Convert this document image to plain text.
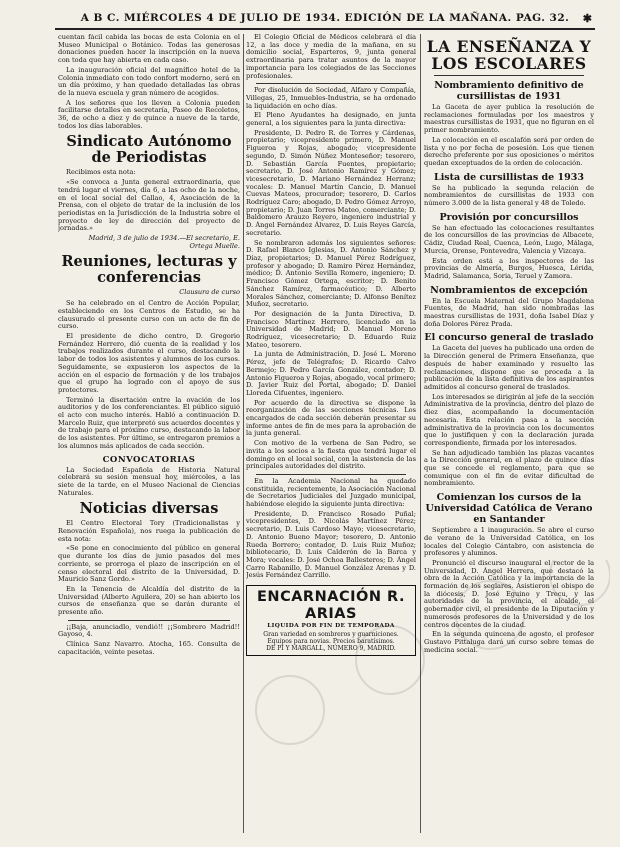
A B C. MIÉRCOLES 4 DE JULIO DE 1934. EDICIÓN DE LA MAÑANA. PAG. 32.	✱

cuentan fácil cabida las bocas de esta Colonia en el Museo Municipal o Botánico. Todas las generosas donaciones pueden hacer la inscripción en la nueva con toda que hay abierta en cada caso.

La inauguración oficial del magnífico hotel de la Colonia inmediato con todo confort moderno, será en un día próximo, y han quedado detalladas las obras de la nueva escuela y gran número de acogidos.

A los señores que los lleven a Colonia pueden facilitarse detalles en secretaría, Paseo de Recoletos, 36, de ocho a diez y de quince a nueve de la tarde, todos los días laborables.

Sindicato Autónomo de Periodistas

Recibimos esta nota:

«Se convoca a Junta general extraordinaria, que tendrá lugar el viernes, día 6, a las ocho de la noche, en el local social del Callao, 4, Asociación de la Prensa, con el objeto de tratar de la inclusión de los periodistas en la Jurisdicción de la Industria sobre el proyecto de ley de dirección del proyecto de jornadas.»

Madrid, 3 de julio de 1934.—El secretario, E. Ortega Muelle.

Reuniones, lecturas y conferencias
Clausura de curso

Se ha celebrado en el Centro de Acción Popular, estableciendo en los Centros de Estudio, se ha clausurado el presente curso con un acto de fin de curso.

El presidente de dicho centro, D. Gregorio Fernández Herrero, dió cuenta de la realidad y los trabajos realizados durante el curso, destacando la labor de todos los asistentes y alumnos de los cursos. Seguidamente, se expusieron los aspectos de la acción en el espacio de formación y de los trabajos que el grupo ha logrado con el apoyo de sus protectores.

Terminó la disertación entre la ovación de los auditorios y de los conferenciantes. El público siguió el acto con mucho interés. Habló a continuación D. Marcelo Ruiz, que interpretó sus acuerdos docentes y de trabajo para el próximo curso, destacando la labor de los asistentes. Por último, se entregaron premios a los alumnos más aplicados de cada sección.

CONVOCATORIAS

La Sociedad Española de Historia Natural celebrará su sesión mensual hoy, miércoles, a las siete de la tarde, en el Museo Nacional de Ciencias Naturales.

Noticias diversas

El Centro Electoral Tory (Tradicionalistas y Renovación Española), nos ruega la publicación de esta nota:

«Se pone en conocimiento del público en general que durante los días de junio pasados del mes corriente, se prorroga el plazo de inscripción en el censo electoral del distrito de la Universidad, D. Mauricio Sanz Gordo.»

En la Tenencia de Alcaldía del distrito de la Universidad (Alberto Aguilera, 20) se han abierto los cursos de enseñanza que se darán durante el presente año.

¡¡Baja, anunciadlo, vendió!! ¡¡Sombrero Madrid!! Gayoso, 4.

Clínica Sanz Navarro. Atocha, 165. Consulta de capacitación, veinte pesetas.

El Colegio Oficial de Médicos celebrará el día 12, a las doce y media de la mañana, en su domicilio social, Esparteros, 9, junta general extraordinaria para tratar asuntos de la mayor importancia para los colegiados de las Secciones profesionales.

Por disolución de Sociedad, Alfaro y Compañía, Villegas, 25, Inmuebles-Industria, se ha ordenado la liquidación en ocho días.

El Pleno Ayudantes ha designado, en junta general, a los siguientes para la junta directiva:

Presidente, D. Pedro R. de Torres y Cárdenas, propietario; vicepresidente primero, D. Manuel Figueroa y Rojas, abogado; vicepresidente segundo, D. Simón Núñez Monteseñor; tesorero, D. Sebastián García Fuentes, propietario; secretario, D. José Antonio Ramírez y Gómez; vicesecretario, D. Mariano Hernández Herranz; vocales: D. Manuel Martín Cancio, D. Manuel Cuevas Mateos, procurador; tesorero, D. Carlos Rodríguez Caro; abogado, D. Pedro Gómez Arroyo, propietario; D. Juan Torres Mateo, comerciante; D. Baldomero Arauzo Reyero, ingeniero industrial y D. Ángel Fernández Álvarez, D. Luis Reyes García, secretario.

Se nombraron además los siguientes señores: D. Rafael Blanco Iglesias, D. Antonio Sánchez y Díaz, propietarios; D. Manuel Pérez Rodríguez, profesor y abogado; D. Ramiro Pérez Hernández, médico; D. Antonio Sevilla Romero, ingeniero; D. Francisco Gómez Ortega, escritor; D. Benito Sánchez Ramírez, farmacéutico; D. Alberto Morales Sánchez, comerciante; D. Alfonso Benítez Muñoz, secretario.

Por designación de la Junta Directiva, D. Francisco Martínez Herrero, licenciado en la Universidad de Madrid; D. Manuel Moreno Rodríguez, vicesecretario; D. Eduardo Ruiz Mateo, tesorero.

La junta de Administración, D. José L. Moreno Pérez, jefe de Telégrafos; D. Ricardo Calvo Bermejo; D. Pedro García González, contador; D. Antonio Figueroa y Rojas, abogado, vocal primero; D. Javier Ruiz del Portal, abogado; D. Daniel Lloreda Cifuentes, ingeniero.

Por acuerdo de la directiva se dispone la reorganización de las secciones técnicas. Los encargados de cada sección deberán presentar su informe antes de fin de mes para la aprobación de la junta general.

Con motivo de la verbena de San Pedro, se invita a los socios a la fiesta que tendrá lugar el domingo en el local social, con la asistencia de las principales autoridades del distrito.

En la Academia Nacional ha quedado constituida, recientemente, la Asociación Nacional de Secretarios Judiciales del Juzgado municipal, habiéndose elegido la siguiente junta directiva:

Presidente, D. Francisco Rosado Puñal; vicepresidentes, D. Nicolás Martínez Pérez; secretario, D. Luis Cardoso Mayo; vicesecretario, D. Antonio Bueno Mayor; tesorero, D. Antonio Rueda Borrero; contador, D. Luis Ruiz Muñoz; bibliotecario, D. Luis Calderón de la Barca y Mora; vocales: D. José Ochoa Ballesteros; D. Ángel Carro Rabanillo, D. Manuel González Arenas y D. Jesús Fernández Carrillo.

ENCARNACIÓN R. ARIAS
LIQUIDA POR FIN DE TEMPORADA
Gran variedad en sombreros y guarniciones.
Equipos para novias. Precios baratísimos.
DE PI Y MARGALL, NÚMERO 9, MADRID.
LA ENSEÑANZA Y LOS ESCOLARES
Nombramiento definitivo de cursillistas de 1931

La Gaceta de ayer publica la resolución de reclamaciones formuladas por los maestros y maestras cursillistas de 1931, que no figuran en el primer nombramiento.

La colocación en el escalafón será por orden de lista y no por fecha de posesión. Los que tienen derecho preferente por sus oposiciones o méritos quedan exceptuados de la orden de colocación.

Lista de cursillistas de 1933

Se ha publicado la segunda relación de nombramientos de cursillistas de 1933 con número 3.000 de la lista general y 48 de Toledo.

Provisión por concursillos

Se han efectuado las colocaciones resultantes de los concursillos de las provincias de Albacete, Cádiz, Ciudad Real, Cuenca, León, Lugo, Málaga, Murcia, Orense, Pontevedra, Valencia y Vizcaya.

Esta orden está a los inspectores de las provincias de Almería, Burgos, Huesca, Lérida, Madrid, Salamanca, Soria, Teruel y Zamora.

Nombramientos de excepción

En la Escuela Maternal del Grupo Magdalena Fuentes, de Madrid, han sido nombradas las maestras cursillistas de 1931, doña Isabel Díaz y doña Dolores Pérez Prada.

El concurso general de traslado

La Gaceta del jueves ha publicado una orden de la Dirección general de Primera Enseñanza, que después de haber examinado y resuelto las reclamaciones, dispone que se proceda a la publicación de la lista definitiva de los aspirantes admitidos al concurso general de traslados.

Los interesados se dirigirán al jefe de la sección Administrativa de la provincia, dentro del plazo de diez días, acompañando la documentación necesaria. Esta relación pasa a la sección administrativa de la provincia con los documentos que lo justifiquen y con la declaración jurada correspondiente, firmada por los interesados.

Se han adjudicado también las plazas vacantes a la Dirección general, en el plazo de quince días que se concede el reglamento, para que se comunique con el fin de evitar dificultad de nombramiento.

Comienzan los cursos de la Universidad Católica de Verano en Santander

Septiembre a 1 inauguración. Se abre el curso de verano de la Universidad Católica, en los locales del Colegio Cántabro, con asistencia de profesores y alumnos.

Pronunció el discurso inaugural el rector de la Universidad, D. Ángel Herrera, que destacó la obra de la Acción Católica y la importancia de la formación de los seglares. Asistieron el obispo de la diócesis, D. José Eguino y Trecu, y las autoridades de la provincia, el alcalde, el gobernador civil, el presidente de la Diputación y numerosos profesores de la Universidad y de los centros docentes de la ciudad.

En la segunda quincena de agosto, el profesor Gustavo Pittaluga dará un curso sobre temas de medicina social.
